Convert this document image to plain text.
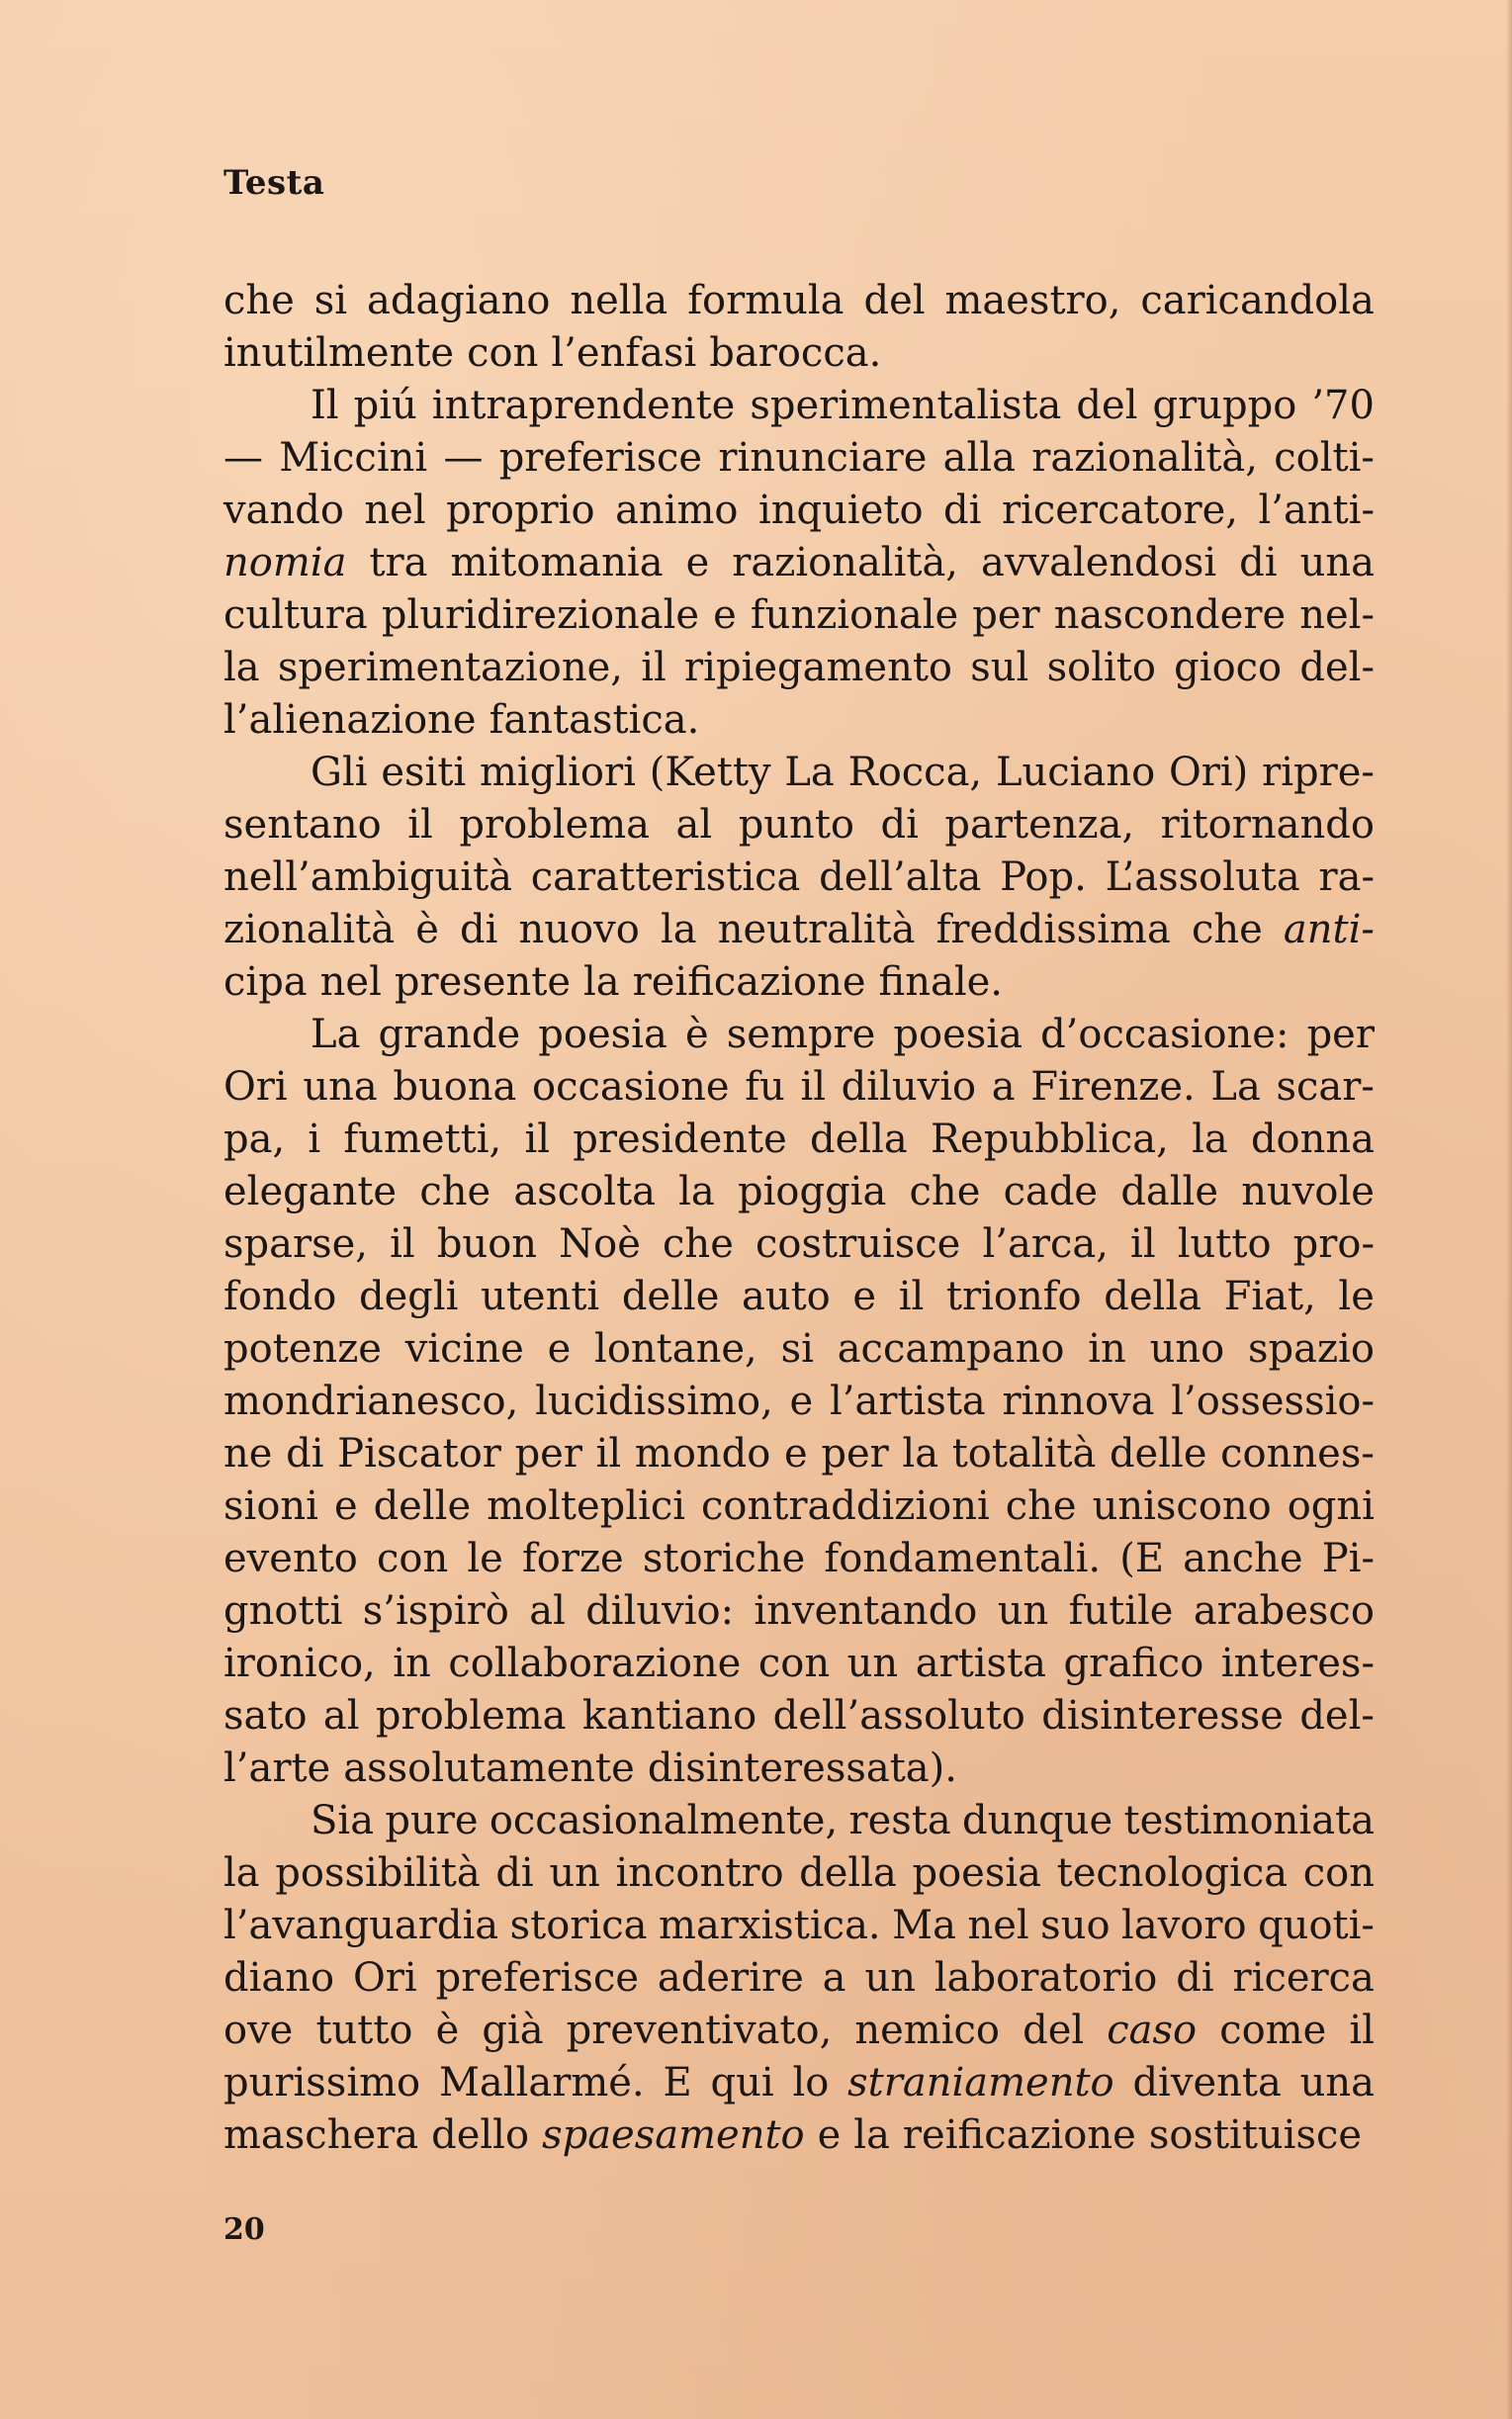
Testa
che si adagiano nella formula del maestro, caricandola
inutilmente con l’enfasi barocca.
Il piú intraprendente sperimentalista del gruppo ’70
— Miccini — preferisce rinunciare alla razionalità, colti-
vando nel proprio animo inquieto di ricercatore, l’anti-
nomia tra mitomania e razionalità, avvalendosi di una
cultura pluridirezionale e funzionale per nascondere nel-
la sperimentazione, il ripiegamento sul solito gioco del-
l’alienazione fantastica.
Gli esiti migliori (Ketty La Rocca, Luciano Ori) ripre-
sentano il problema al punto di partenza, ritornando
nell’ambiguità caratteristica dell’alta Pop. L’assoluta ra-
zionalità è di nuovo la neutralità freddissima che anti-
cipa nel presente la reificazione finale.
La grande poesia è sempre poesia d’occasione: per
Ori una buona occasione fu il diluvio a Firenze. La scar-
pa, i fumetti, il presidente della Repubblica, la donna
elegante che ascolta la pioggia che cade dalle nuvole
sparse, il buon Noè che costruisce l’arca, il lutto pro-
fondo degli utenti delle auto e il trionfo della Fiat, le
potenze vicine e lontane, si accampano in uno spazio
mondrianesco, lucidissimo, e l’artista rinnova l’ossessio-
ne di Piscator per il mondo e per la totalità delle connes-
sioni e delle molteplici contraddizioni che uniscono ogni
evento con le forze storiche fondamentali. (E anche Pi-
gnotti s’ispirò al diluvio: inventando un futile arabesco
ironico, in collaborazione con un artista grafico interes-
sato al problema kantiano dell’assoluto disinteresse del-
l’arte assolutamente disinteressata).
Sia pure occasionalmente, resta dunque testimoniata
la possibilità di un incontro della poesia tecnologica con
l’avanguardia storica marxistica. Ma nel suo lavoro quoti-
diano Ori preferisce aderire a un laboratorio di ricerca
ove tutto è già preventivato, nemico del caso come il
purissimo Mallarmé. E qui lo straniamento diventa una
maschera dello spaesamento e la reificazione sostituisce
20
